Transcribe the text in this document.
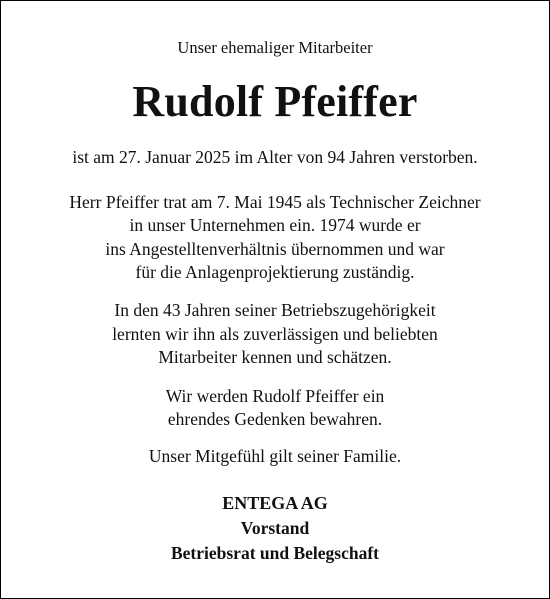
Unser ehemaliger Mitarbeiter
Rudolf Pfeiffer
ist am 27. Januar 2025 im Alter von 94 Jahren verstorben.
Herr Pfeiffer trat am 7. Mai 1945 als Technischer Zeichner
in unser Unternehmen ein. 1974 wurde er
ins Angestelltenverhältnis übernommen und war
für die Anlagenprojektierung zuständig.
In den 43 Jahren seiner Betriebszugehörigkeit
lernten wir ihn als zuverlässigen und beliebten
Mitarbeiter kennen und schätzen.
Wir werden Rudolf Pfeiffer ein
ehrendes Gedenken bewahren.
Unser Mitgefühl gilt seiner Familie.
ENTEGA AG
Vorstand
Betriebsrat und Belegschaft
